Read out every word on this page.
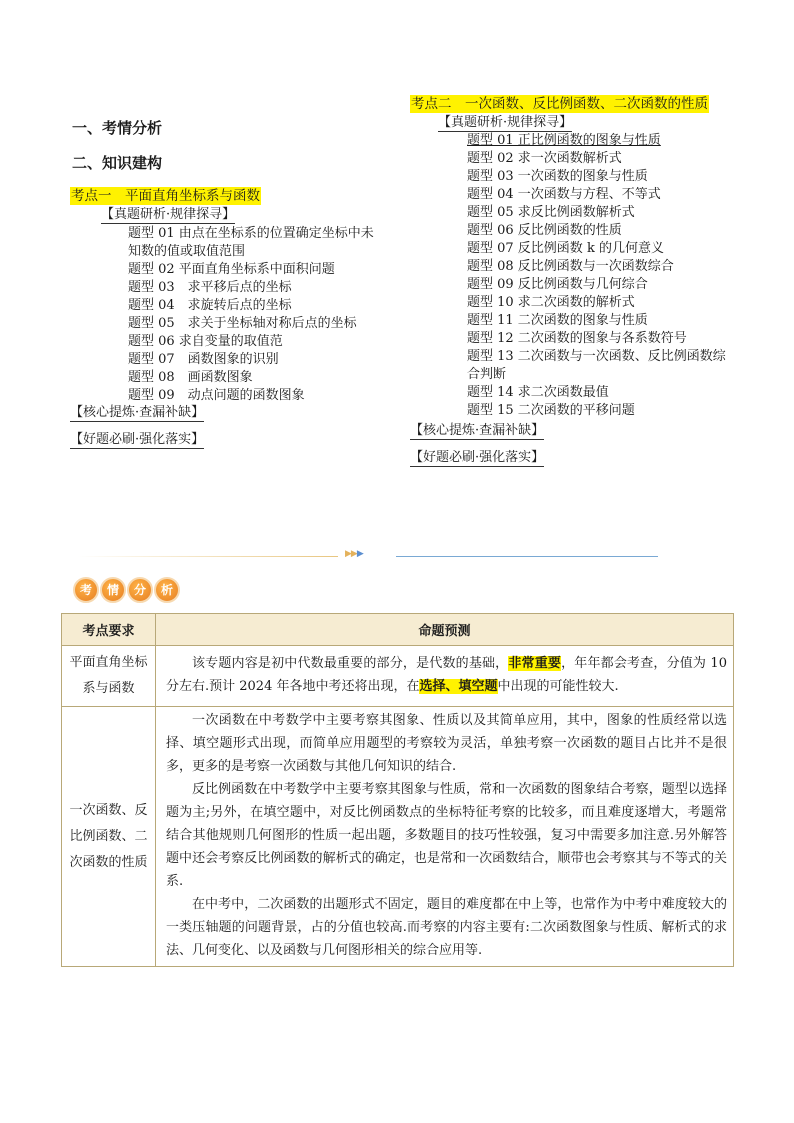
一、考情分析
二、知识建构
考点一　平面直角坐标系与函数
【真题研析·规律探寻】
题型 01 由点在坐标系的位置确定坐标中未知数的值或取值范围
题型 02 平面直角坐标系中面积问题
题型 03　求平移后点的坐标
题型 04　求旋转后点的坐标
题型 05　求关于坐标轴对称后点的坐标
题型 06 求自变量的取值范
题型 07　函数图象的识别
题型 08　画函数图象
题型 09　动点问题的函数图象
【核心提炼·查漏补缺】
【好题必刷·强化落实】
考点二　一次函数、反比例函数、二次函数的性质
【真题研析·规律探寻】
题型 01 正比例函数的图象与性质
题型 02 求一次函数解析式
题型 03 一次函数的图象与性质
题型 04 一次函数与方程、不等式
题型 05 求反比例函数解析式
题型 06 反比例函数的性质
题型 07 反比例函数 k 的几何意义
题型 08 反比例函数与一次函数综合
题型 09 反比例函数与几何综合
题型 10 求二次函数的解析式
题型 11 二次函数的图象与性质
题型 12 二次函数的图象与各系数符号
题型 13 二次函数与一次函数、反比例函数综合判断
题型 14 求二次函数最值
题型 15 二次函数的平移问题
【核心提炼·查漏补缺】
【好题必刷·强化落实】
▶▶▶
考	情	分	析
考点要求	命题预测
平面直角坐标系与函数	该专题内容是初中代数最重要的部分，是代数的基础，非常重要，年年都会考查，分值为 10 分左右.预计 2024 年各地中考还将出现，在选择、填空题中出现的可能性较大.

一次函数、反比例函数、二次函数的性质	一次函数在中考数学中主要考察其图象、性质以及其简单应用，其中，图象的性质经常以选择、填空题形式出现，而简单应用题型的考察较为灵活，单独考察一次函数的题目占比并不是很多，更多的是考察一次函数与其他几何知识的结合.

反比例函数在中考数学中主要考察其图象与性质，常和一次函数的图象结合考察，题型以选择题为主;另外，在填空题中，对反比例函数点的坐标特征考察的比较多，而且难度逐增大，考题常结合其他规则几何图形的性质一起出题，多数题目的技巧性较强，复习中需要多加注意.另外解答题中还会考察反比例函数的解析式的确定，也是常和一次函数结合，顺带也会考察其与不等式的关系.

在中考中，二次函数的出题形式不固定，题目的难度都在中上等，也常作为中考中难度较大的一类压轴题的问题背景，占的分值也较高.而考察的内容主要有:二次函数图象与性质、解析式的求法、几何变化、以及函数与几何图形相关的综合应用等.
